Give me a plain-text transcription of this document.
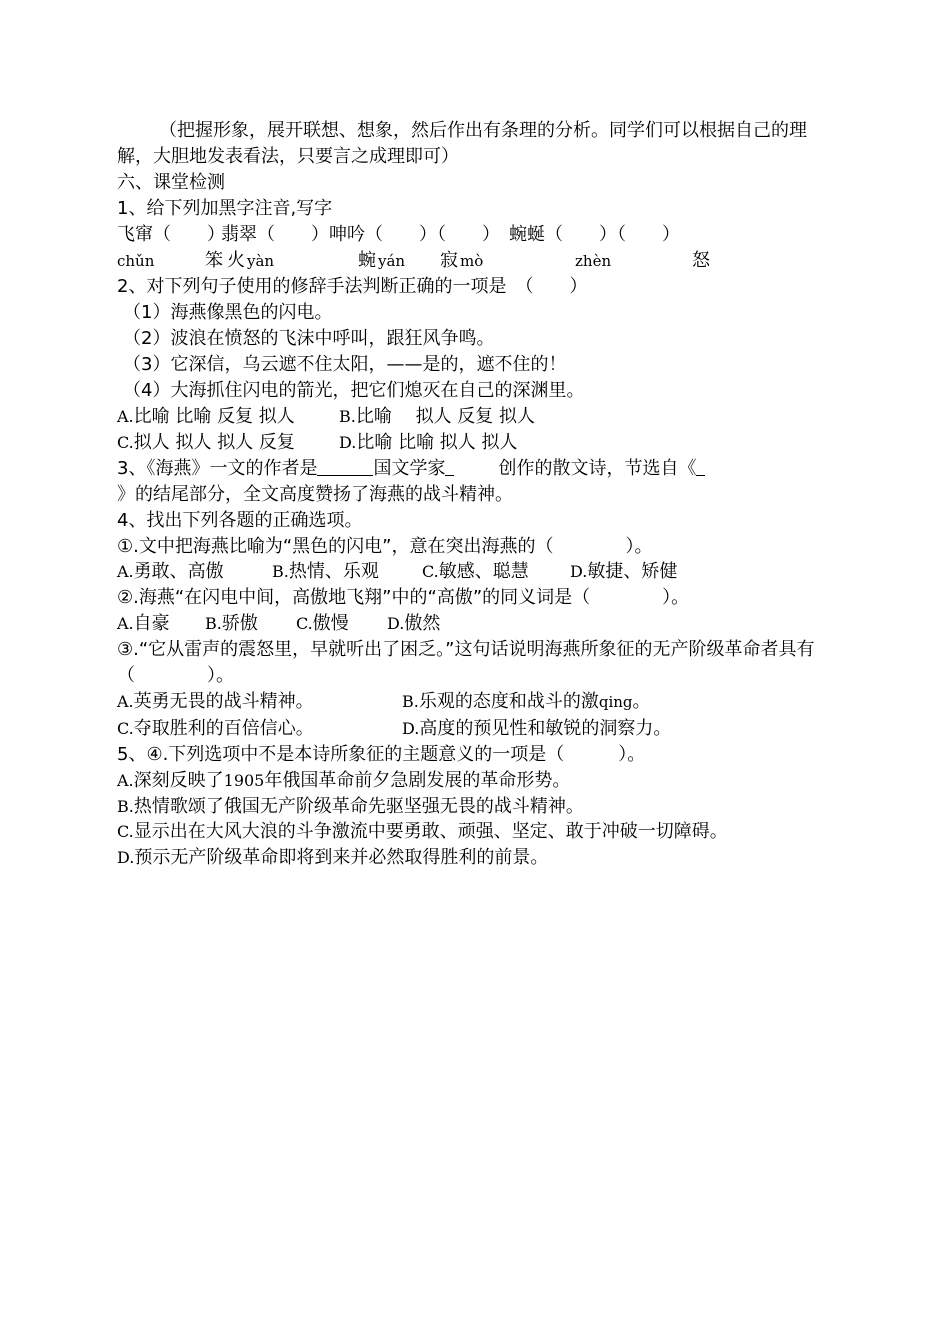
（把握形象，展开联想、想象，然后作出有条理的分析。同学们可以根据自己的理解，大胆地发表看法，只要言之成理即可）
六、课堂检测
1、给下列加黑字注音,写字
飞窜（　　）翡翠（　　）呻吟（　　）（　　） 蜿蜒（　　）（　　）
chǔn	笨 火 yàn	蜿 yán 寂 mò	zhèn	怒
2、对下列句子使用的修辞手法判断正确的一项是　（　　）
（1）海燕像黑色的闪电。
（2）波浪在愤怒的飞沫中呼叫，跟狂风争鸣。
（3）它深信，乌云遮不住太阳，——是的，遮不住的！
（4）大海抓住闪电的箭光，把它们熄灭在自己的深渊里。
A.比喻 比喻 反复 拟人	B.比喻　 拟人 反复 拟人
C.拟人 拟人 拟人 反复	D.比喻 比喻 拟人 拟人
3、《海燕》一文的作者是	国文学家	创作的散文诗，节选自《
》的结尾部分，全文高度赞扬了海燕的战斗精神。
4、找出下列各题的正确选项。
①.文中把海燕比喻为“黑色的闪电”，意在突出海燕的（　　　　）。
A.勇敢、高傲	B.热情、乐观	C.敏感、聪慧	D.敏捷、矫健
②.海燕“在闪电中间，高傲地飞翔”中的“高傲”的同义词是（　　　　）。
A.自豪 B.骄傲 C.傲慢 D.傲然
③.“它从雷声的震怒里，早就听出了困乏。”这句话说明海燕所象征的无产阶级革命者具有（　　　　）。
A.英勇无畏的战斗精神。	B.乐观的态度和战斗的激qing。
C.夺取胜利的百倍信心。	D.高度的预见性和敏锐的洞察力。
5、④.下列选项中不是本诗所象征的主题意义的一项是（　　　）。
A.深刻反映了1905年俄国革命前夕急剧发展的革命形势。
B.热情歌颂了俄国无产阶级革命先驱坚强无畏的战斗精神。
C.显示出在大风大浪的斗争激流中要勇敢、顽强、坚定、敢于冲破一切障碍。
D.预示无产阶级革命即将到来并必然取得胜利的前景。
